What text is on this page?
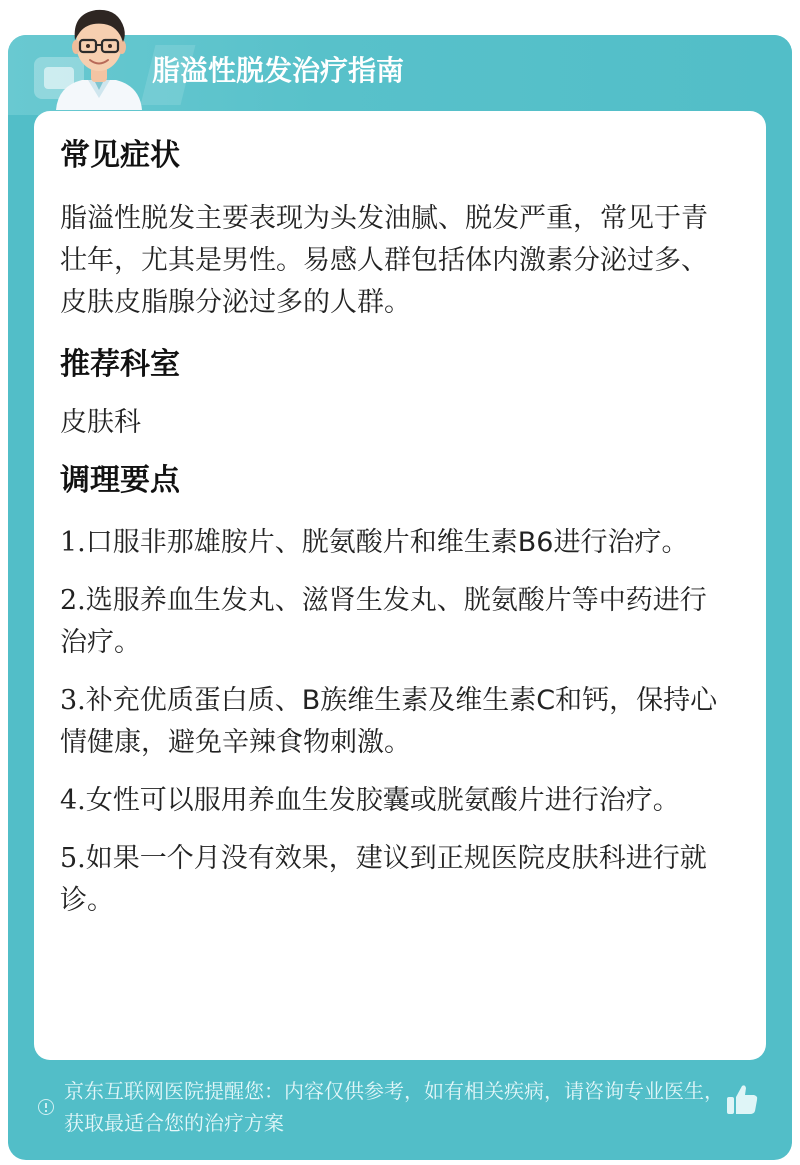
脂溢性脱发治疗指南
常见症状

脂溢性脱发主要表现为头发油腻、脱发严重，常见于青壮年，尤其是男性。易感人群包括体内激素分泌过多、皮肤皮脂腺分泌过多的人群。

推荐科室

皮肤科

调理要点

1.口服非那雄胺片、胱氨酸片和维生素B6进行治疗。

2.选服养血生发丸、滋肾生发丸、胱氨酸片等中药进行治疗。

3.补充优质蛋白质、B族维生素及维生素C和钙，保持心情健康，避免辛辣食物刺激。

4.女性可以服用养血生发胶囊或胱氨酸片进行治疗。

5.如果一个月没有效果，建议到正规医院皮肤科进行就诊。

京东互联网医院提醒您：内容仅供参考，如有相关疾病，请咨询专业医生，获取最适合您的治疗方案
